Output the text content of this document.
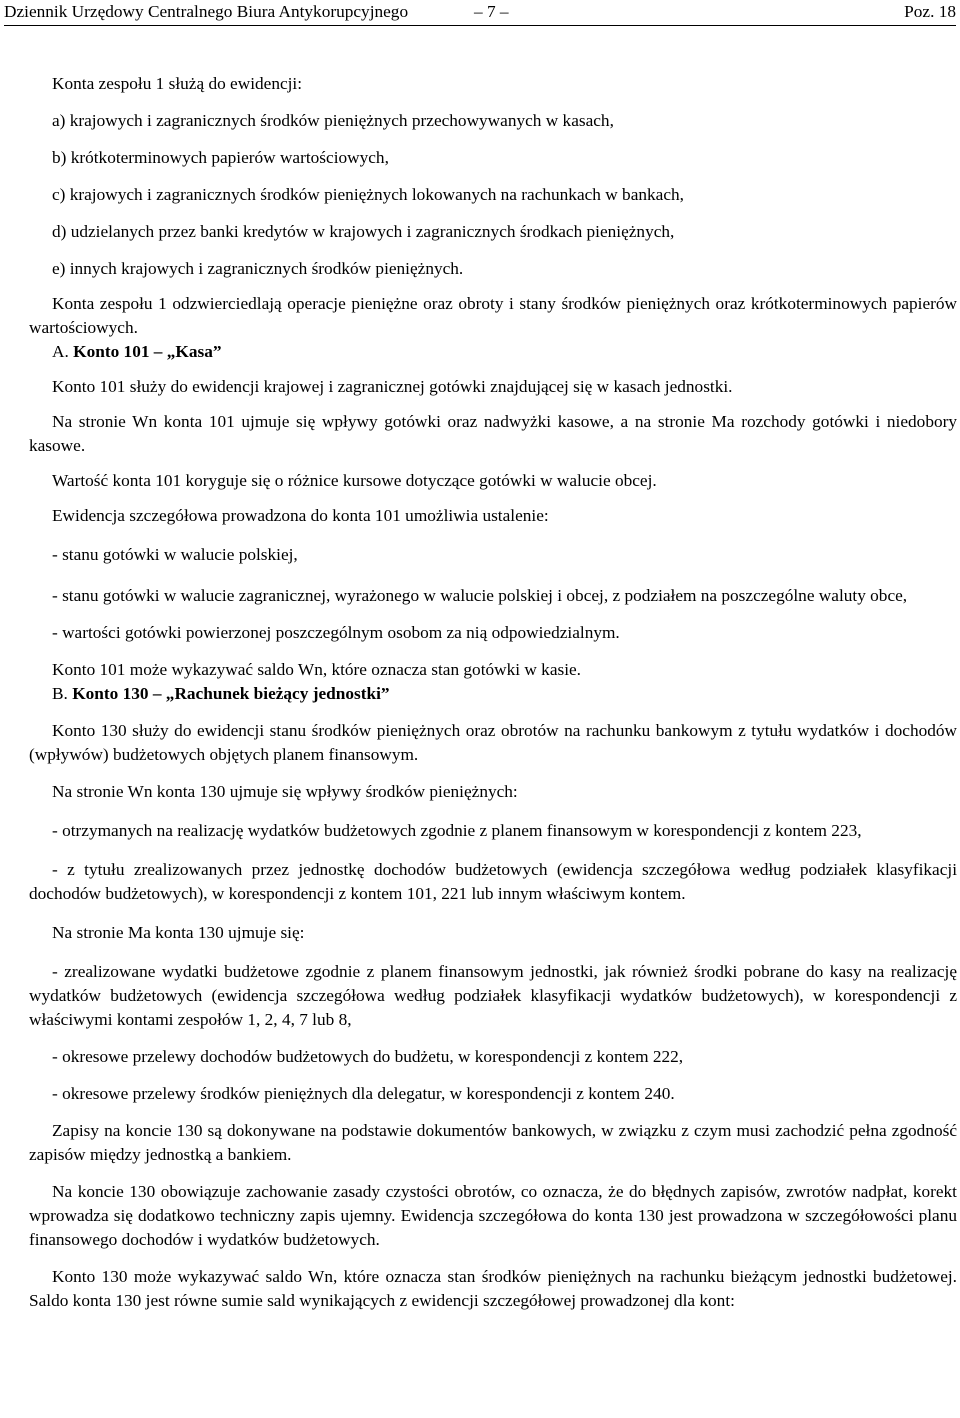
Dziennik Urzędowy Centralnego Biura Antykorupcyjnego	– 7 –	Poz. 18

Konta zespołu 1 służą do ewidencji:

a) krajowych i zagranicznych środków pieniężnych przechowywanych w kasach,

b) krótkoterminowych papierów wartościowych,

c) krajowych i zagranicznych środków pieniężnych lokowanych na rachunkach w bankach,

d) udzielanych przez banki kredytów w krajowych i zagranicznych środkach pieniężnych,

e) innych krajowych i zagranicznych środków pieniężnych.

Konta zespołu 1 odzwierciedlają operacje pieniężne oraz obroty i stany środków pieniężnych oraz krótkoterminowych papierów wartościowych.

A. Konto 101 – „Kasa”

Konto 101 służy do ewidencji krajowej i zagranicznej gotówki znajdującej się w kasach jednostki.

Na stronie Wn konta 101 ujmuje się wpływy gotówki oraz nadwyżki kasowe, a na stronie Ma rozchody gotówki i niedobory kasowe.

Wartość konta 101 koryguje się o różnice kursowe dotyczące gotówki w walucie obcej.

Ewidencja szczegółowa prowadzona do konta 101 umożliwia ustalenie:

- stanu gotówki w walucie polskiej,

- stanu gotówki w walucie zagranicznej, wyrażonego w walucie polskiej i obcej, z podziałem na poszczególne waluty obce,

- wartości gotówki powierzonej poszczególnym osobom za nią odpowiedzialnym.

Konto 101 może wykazywać saldo Wn, które oznacza stan gotówki w kasie.

B. Konto 130 – „Rachunek bieżący jednostki”

Konto 130 służy do ewidencji stanu środków pieniężnych oraz obrotów na rachunku bankowym z tytułu wydatków i dochodów (wpływów) budżetowych objętych planem finansowym.

Na stronie Wn konta 130 ujmuje się wpływy środków pieniężnych:

- otrzymanych na realizację wydatków budżetowych zgodnie z planem finansowym w korespondencji z kontem 223,

- z tytułu zrealizowanych przez jednostkę dochodów budżetowych (ewidencja szczegółowa według podziałek klasyfikacji dochodów budżetowych), w korespondencji z kontem 101, 221 lub innym właściwym kontem.

Na stronie Ma konta 130 ujmuje się:

- zrealizowane wydatki budżetowe zgodnie z planem finansowym jednostki, jak również środki pobrane do kasy na realizację wydatków budżetowych (ewidencja szczegółowa według podziałek klasyfikacji wydatków budżetowych), w korespondencji z właściwymi kontami zespołów 1, 2, 4, 7 lub 8,

- okresowe przelewy dochodów budżetowych do budżetu, w korespondencji z kontem 222,

- okresowe przelewy środków pieniężnych dla delegatur, w korespondencji z kontem 240.

Zapisy na koncie 130 są dokonywane na podstawie dokumentów bankowych, w związku z czym musi zachodzić pełna zgodność zapisów między jednostką a bankiem.

Na koncie 130 obowiązuje zachowanie zasady czystości obrotów, co oznacza, że do błędnych zapisów, zwrotów nadpłat, korekt wprowadza się dodatkowo techniczny zapis ujemny. Ewidencja szczegółowa do konta 130 jest prowadzona w szczegółowości planu finansowego dochodów i wydatków budżetowych.

Konto 130 może wykazywać saldo Wn, które oznacza stan środków pieniężnych na rachunku bieżącym jednostki budżetowej. Saldo konta 130 jest równe sumie sald wynikających z ewidencji szczegółowej prowadzonej dla kont:
